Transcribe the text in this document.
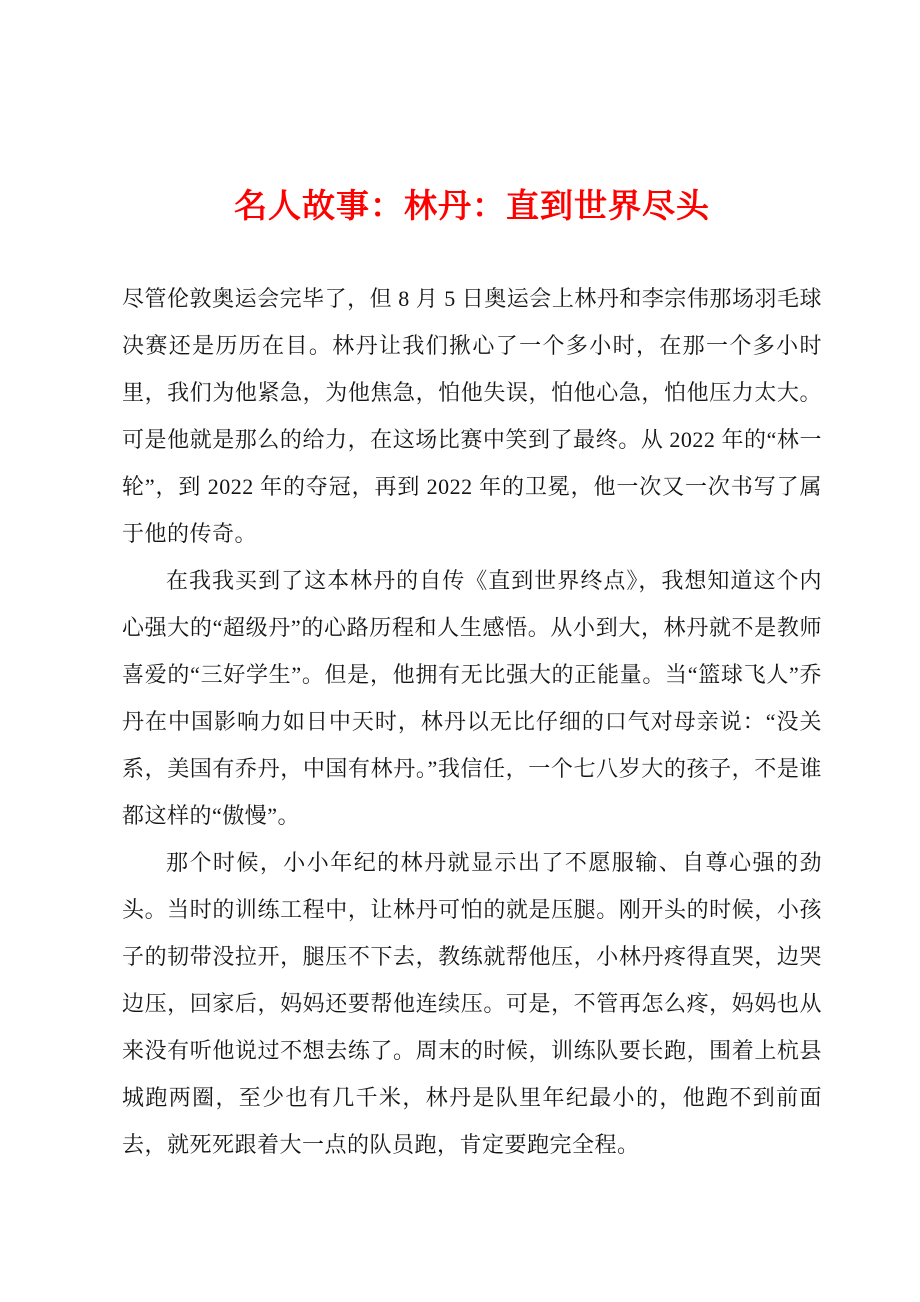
名人故事：林丹：直到世界尽头

尽管伦敦奥运会完毕了，但 8 月 5 日奥运会上林丹和李宗伟那场羽毛球决赛还是历历在目。林丹让我们揪心了一个多小时，在那一个多小时里，我们为他紧急，为他焦急，怕他失误，怕他心急，怕他压力太大。可是他就是那么的给力，在这场比赛中笑到了最终。从 2022 年的“林一轮”，到 2022 年的夺冠，再到 2022 年的卫冕，他一次又一次书写了属于他的传奇。

在我我买到了这本林丹的自传《直到世界终点》，我想知道这个内心强大的“超级丹”的心路历程和人生感悟。从小到大，林丹就不是教师喜爱的“三好学生”。但是，他拥有无比强大的正能量。当“篮球飞人”乔丹在中国影响力如日中天时，林丹以无比仔细的口气对母亲说：“没关系，美国有乔丹，中国有林丹。”我信任，一个七八岁大的孩子，不是谁都这样的“傲慢”。

那个时候，小小年纪的林丹就显示出了不愿服输、自尊心强的劲头。当时的训练工程中，让林丹可怕的就是压腿。刚开头的时候，小孩子的韧带没拉开，腿压不下去，教练就帮他压，小林丹疼得直哭，边哭边压，回家后，妈妈还要帮他连续压。可是，不管再怎么疼，妈妈也从来没有听他说过不想去练了。周末的时候，训练队要长跑，围着上杭县城跑两圈，至少也有几千米，林丹是队里年纪最小的，他跑不到前面去，就死死跟着大一点的队员跑，肯定要跑完全程。
